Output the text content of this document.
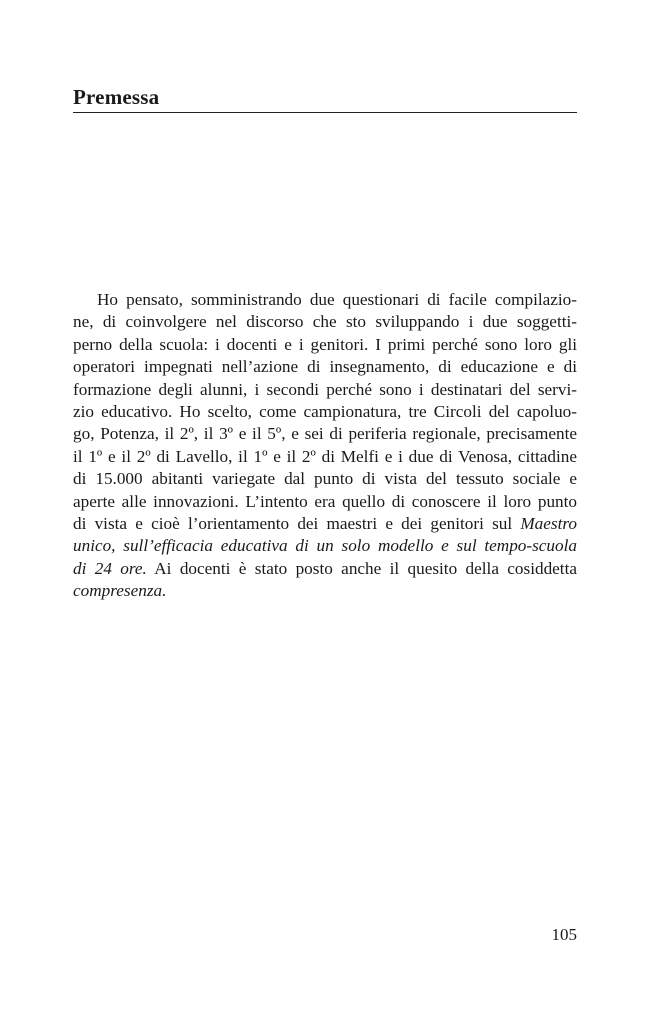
Premessa

Ho pensato, somministrando due questionari di facile compilazio-
ne, di coinvolgere nel discorso che sto sviluppando i due soggetti-
perno della scuola: i docenti e i genitori. I primi perché sono loro gli
operatori impegnati nell’azione di insegnamento, di educazione e di
formazione degli alunni, i secondi perché sono i destinatari del servi-
zio educativo. Ho scelto, come campionatura, tre Circoli del capoluo-
go, Potenza, il 2º, il 3º e il 5º, e sei di periferia regionale, precisamente
il 1º e il 2º di Lavello, il 1º e il 2º di Melfi e i due di Venosa, cittadine
di 15.000 abitanti variegate dal punto di vista del tessuto sociale e
aperte alle innovazioni. L’intento era quello di conoscere il loro punto
di vista e cioè l’orientamento dei maestri e dei genitori sul Maestro
unico, sull’efficacia educativa di un solo modello e sul tempo-scuola
di 24 ore. Ai docenti è stato posto anche il quesito della cosiddetta
compresenza.

105
